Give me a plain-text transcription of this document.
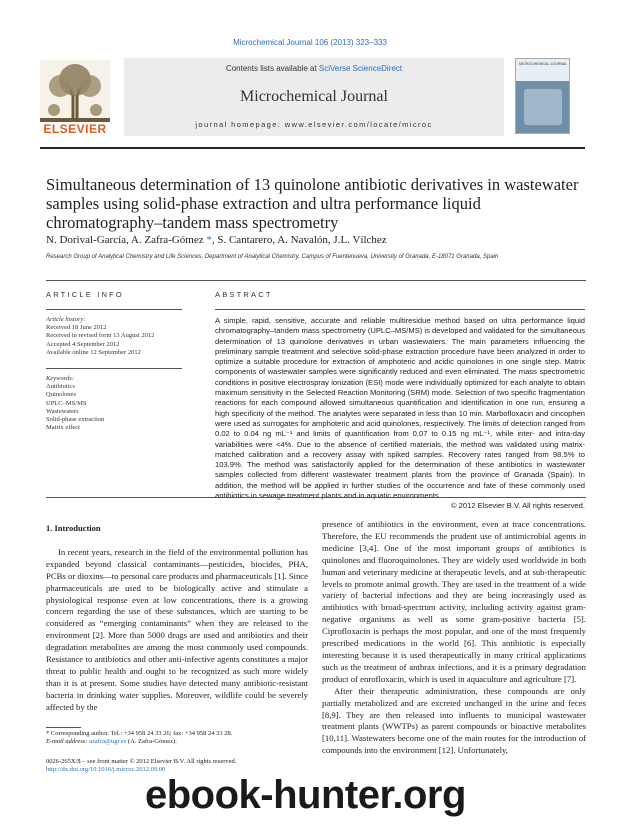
Microchemical Journal 106 (2013) 323–333
ELSEVIER
Contents lists available at SciVerse ScienceDirect
Microchemical Journal
journal homepage: www.elsevier.com/locate/microc
MICROCHEMICAL JOURNAL
Simultaneous determination of 13 quinolone antibiotic derivatives in wastewater samples using solid-phase extraction and ultra performance liquid chromatography–tandem mass spectrometry
N. Dorival-García, A. Zafra-Gómez *, S. Cantarero, A. Navalón, J.L. Vílchez
Research Group of Analytical Chemistry and Life Sciences, Department of Analytical Chemistry, Campus of Fuentenueva, University of Granada, E-18071 Granada, Spain
ARTICLE INFO
Article history:
Received 18 June 2012
Received in revised form 13 August 2012
Accepted 4 September 2012
Available online 12 September 2012
Keywords:
Antibiotics
Quinolones
UPLC–MS/MS
Wastewaters
Solid-phase extraction
Matrix effect
ABSTRACT
A simple, rapid, sensitive, accurate and reliable multiresidue method based on ultra performance liquid chromatography–tandem mass spectrometry (UPLC–MS/MS) is developed and validated for the simultaneous determination of 13 quinolone derivatives in urban wastewaters. The main parameters influencing the preliminary sample treatment and selective solid-phase extraction procedure have been analyzed in order to optimize a suitable procedure for extraction of amphoteric and acidic quinolones in one single step. Matrix components of wastewater samples were significantly reduced and even eliminated. The mass spectrometric conditions in positive electrospray ionization (ESI) mode were individually optimized for each analyte to obtain maximum sensitivity in the Selected Reaction Monitoring (SRM) mode. Selection of two specific fragmentation reactions for each compound allowed simultaneous quantification and identification in one run, ensuring a high specificity of the method. The analytes were separated in less than 10 min. Marbofloxacin and cincophen were used as surrogates for amphoteric and acid quinolones, respectively. The limits of detection ranged from 0.02 to 0.04 ng mL⁻¹ and limits of quantification from 0.07 to 0.15 ng mL⁻¹, while inter- and intra-day variabilities were <4%. Due to the absence of certified materials, the method was validated using matrix-matched calibration and a recovery assay with spiked samples. Recovery rates ranged from 98.5% to 103.9%. The method was satisfactorily applied for the determination of these antibiotics in wastewater samples collected from different wastewater treatment plants from the province of Granada (Spain). In addition, the method will be applied in further studies of the occurrence and fate of these commonly used antibiotics in sewage treatment plants and in aquatic environments.
© 2012 Elsevier B.V. All rights reserved.
1. Introduction
In recent years, research in the field of the environmental pollution has expanded beyond classical contaminants—pesticides, biocides, PHA, PCBs or dioxins—to personal care products and pharmaceuticals [1]. Since pharmaceuticals are used to be biologically active and stimulate a physiological response even at low concentrations, there is a growing concern regarding the use of these substances, which are starting to be considered as “emerging contaminants” when they are released to the environment [2]. More than 5000 drugs are used and antibiotics and their degradation metabolites are among the most commonly used compounds. Resistance to antibiotics and other anti-infective agents constitutes a major threat to public health and ought to be recognized as such more widely than it is at present. Some studies have detected many antibiotic-resistant bacteria in drinking water supplies. Moreover, wildlife could be severely affected by the
presence of antibiotics in the environment, even at trace concentrations. Therefore, the EU recommends the prudent use of antimicrobial agents in medicine [3,4]. One of the most important groups of antibiotics is quinolones and fluoroquinolones. They are widely used worldwide in both human and veterinary medicine at therapeutic levels, and at sub-therapeutic levels to promote animal growth. They are used in the treatment of a wide variety of bacterial infections and they are being increasingly used as antibiotics with broad-spectrum activity, including activity against gram-negative organisms as well as some gram-positive bacteria [5]. Ciprofloxacin is perhaps the most popular, and one of the most frequently prescribed medications in the world [6]. This antibiotic is especially interesting because it is used therapeutically in many critical applications such as the treatment of anthrax infections, and it is a primary degradation product of enrofloxacin, which is used in aquaculture and agriculture [7].
After their therapeutic administration, these compounds are only partially metabolized and are excreted unchanged in the urine and feces [8,9]. They are then released into influents to municipal wastewater treatment plants (WWTPs) as parent compounds or bioactive metabolites [10,11]. Wastewaters become one of the main routes for the introduction of compounds into the environment [12]. Unfortunately,
* Corresponding author. Tel.: +34 958 24 33 26; fax: +34 958 24 33 28.
E-mail address: azafra@ugr.es (A. Zafra-Gómez).
0026-265X/$ – see front matter © 2012 Elsevier B.V. All rights reserved.
http://dx.doi.org/10.1016/j.microc.2012.09.00
ebook-hunter.org
